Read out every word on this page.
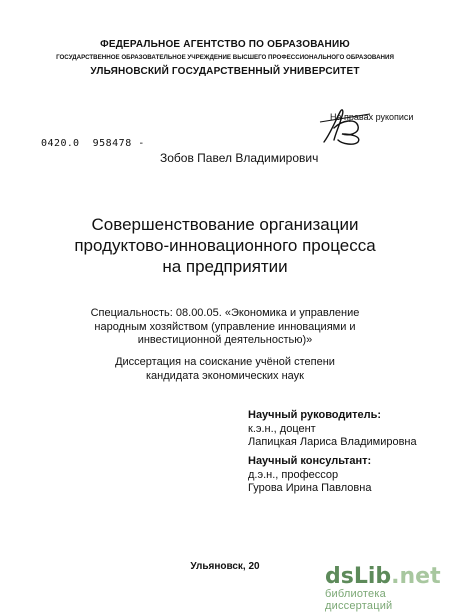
ФЕДЕРАЛЬНОЕ АГЕНТСТВО ПО ОБРАЗОВАНИЮ
ГОСУДАРСТВЕННОЕ ОБРАЗОВАТЕЛЬНОЕ УЧРЕЖДЕНИЕ ВЫСШЕГО ПРОФЕССИОНАЛЬНОГО ОБРАЗОВАНИЯ
УЛЬЯНОВСКИЙ ГОСУДАРСТВЕННЫЙ УНИВЕРСИТЕТ
На правах рукописи
0420.0 958478 -
Зобов Павел Владимирович
Совершенствование организации
продуктово-инновационного процесса
на предприятии
Специальность: 08.00.05. «Экономика и управление
народным хозяйством (управление инновациями и
инвестиционной деятельностью)»
Диссертация на соискание учёной степени
кандидата экономических наук
Научный руководитель:
к.э.н., доцент
Лапицкая Лариса Владимировна
Научный консультант:
д.э.н., профессор
Гурова Ирина Павловна
Ульяновск, 20	dsLib.net
библиотека диссертаций
